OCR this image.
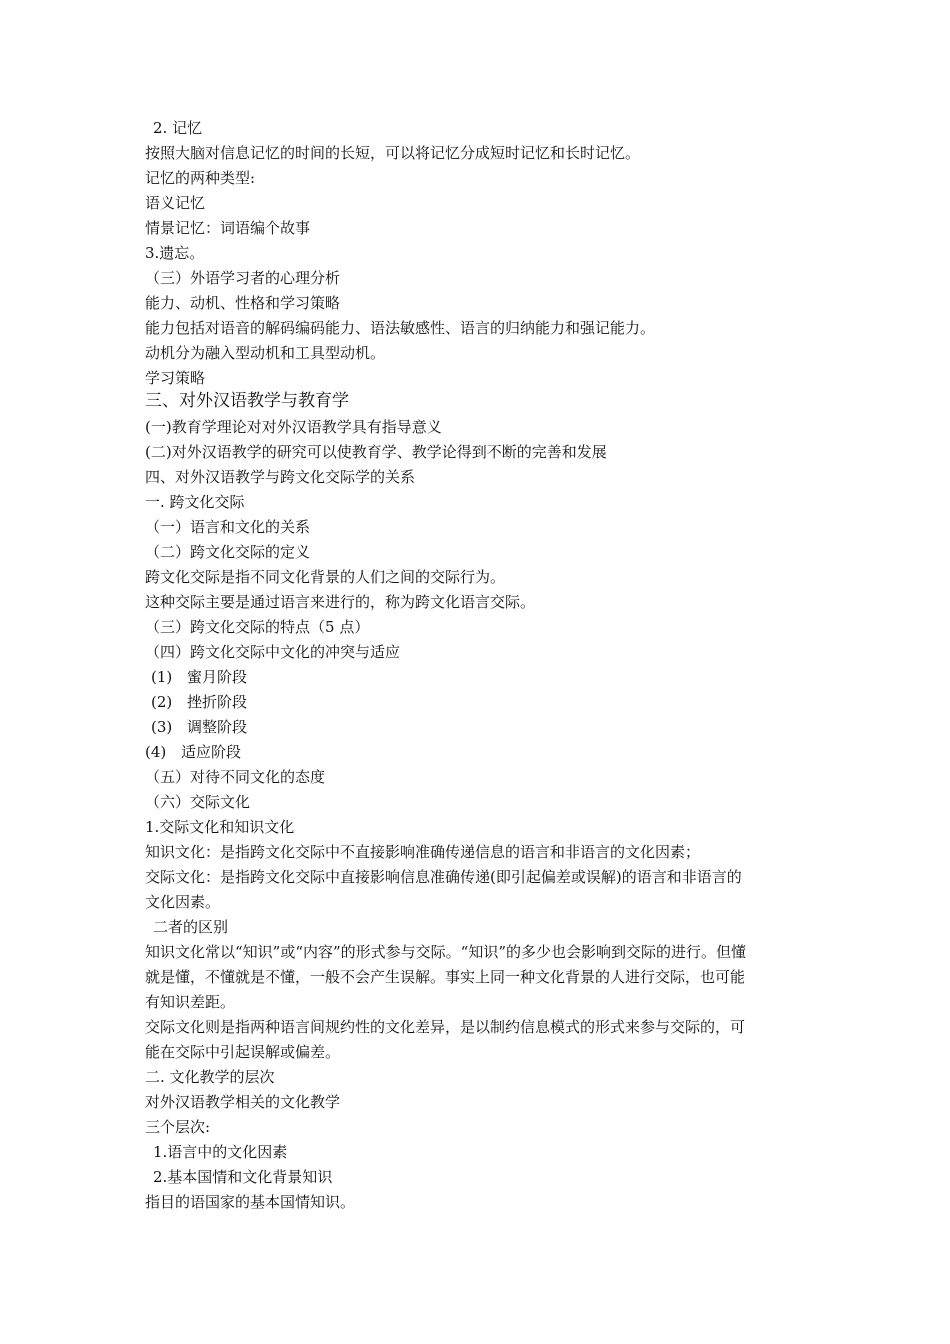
2. 记忆
按照大脑对信息记忆的时间的长短，可以将记忆分成短时记忆和长时记忆。
记忆的两种类型:
语义记忆
情景记忆：词语编个故事
3.遗忘。
（三）外语学习者的心理分析
能力、动机、性格和学习策略
能力包括对语音的解码编码能力、语法敏感性、语言的归纳能力和强记能力。
动机分为融入型动机和工具型动机。
学习策略
三、对外汉语教学与教育学
(一)教育学理论对对外汉语教学具有指导意义
(二)对外汉语教学的研究可以使教育学、教学论得到不断的完善和发展
四、对外汉语教学与跨文化交际学的关系
一. 跨文化交际
（一）语言和文化的关系
（二）跨文化交际的定义
跨文化交际是指不同文化背景的人们之间的交际行为。
这种交际主要是通过语言来进行的，称为跨文化语言交际。
（三）跨文化交际的特点（5 点）
（四）跨文化交际中文化的冲突与适应
(1) 蜜月阶段
(2) 挫折阶段
(3) 调整阶段
(4) 适应阶段
（五）对待不同文化的态度
（六）交际文化
1.交际文化和知识文化
知识文化：是指跨文化交际中不直接影响准确传递信息的语言和非语言的文化因素；
交际文化：是指跨文化交际中直接影响信息准确传递(即引起偏差或误解)的语言和非语言的
文化因素。
二者的区别
知识文化常以“知识”或“内容”的形式参与交际。“知识”的多少也会影响到交际的进行。但懂
就是懂，不懂就是不懂，一般不会产生误解。事实上同一种文化背景的人进行交际，也可能
有知识差距。
交际文化则是指两种语言间规约性的文化差异，是以制约信息模式的形式来参与交际的，可
能在交际中引起误解或偏差。
二. 文化教学的层次
对外汉语教学相关的文化教学
三个层次:
1.语言中的文化因素
2.基本国情和文化背景知识
指目的语国家的基本国情知识。
